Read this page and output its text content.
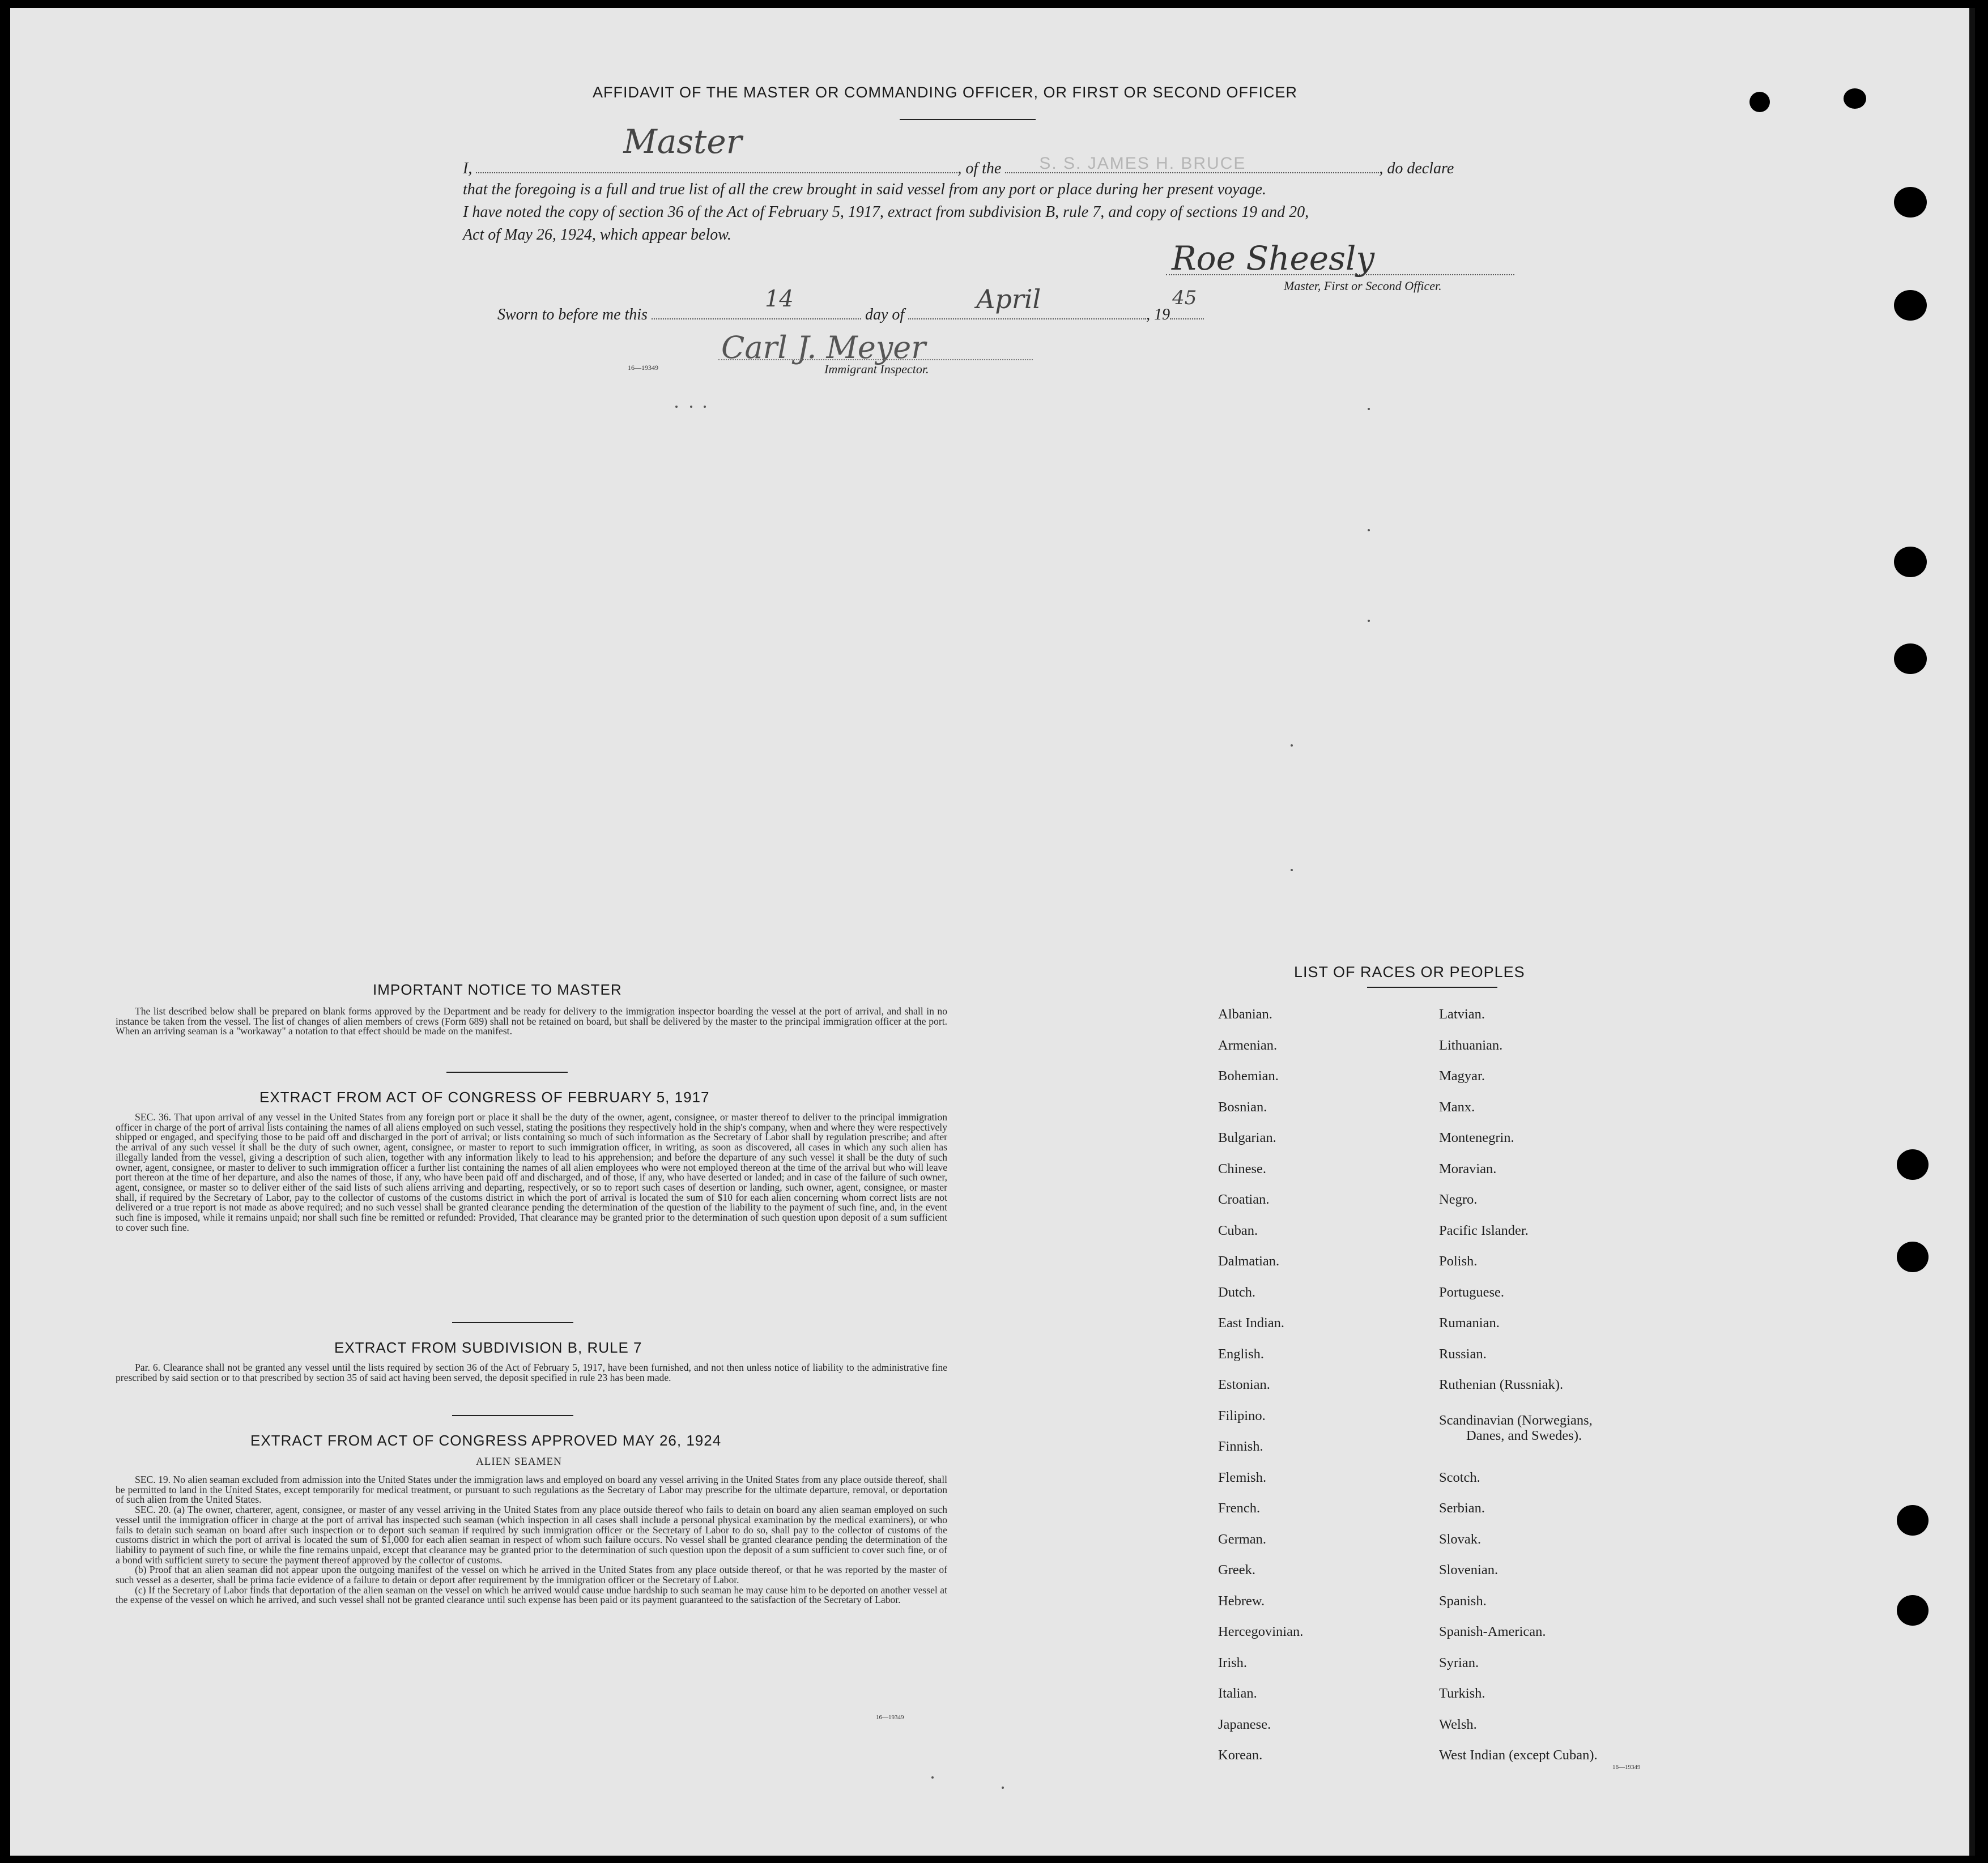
AFFIDAVIT OF THE MASTER OR COMMANDING OFFICER, OR FIRST OR SECOND OFFICER
I,
Master
, of the S. S. JAMES H. BRUCE	, do declare
that the foregoing is a full and true list of all the crew brought in said vessel from any port or place during her present voyage.
I have noted the copy of section 36 of the Act of February 5, 1917, extract from subdivision B, rule 7, and copy of sections 19 and 20,
Act of May 26, 1924, which appear below.
Roe Sheesly
Master, First or Second Officer.
Sworn to before me this
14
day of
April
, 19
45
Carl J. Meyer
16—19349	Immigrant Inspector.
IMPORTANT NOTICE TO MASTER

The list described below shall be prepared on blank forms approved by the Department and be ready for delivery to the immigration inspector boarding the vessel at the port of arrival, and shall in no instance be taken from the vessel. The list of changes of alien members of crews (Form 689) shall not be retained on board, but shall be delivered by the master to the principal immigration officer at the port. When an arriving seaman is a "workaway" a notation to that effect should be made on the manifest.

EXTRACT FROM ACT OF CONGRESS OF FEBRUARY 5, 1917

SEC. 36. That upon arrival of any vessel in the United States from any foreign port or place it shall be the duty of the owner, agent, consignee, or master thereof to deliver to the principal immigration officer in charge of the port of arrival lists containing the names of all aliens employed on such vessel, stating the positions they respectively hold in the ship's company, when and where they were respectively shipped or engaged, and specifying those to be paid off and discharged in the port of arrival; or lists containing so much of such information as the Secretary of Labor shall by regulation prescribe; and after the arrival of any such vessel it shall be the duty of such owner, agent, consignee, or master to report to such immigration officer, in writing, as soon as discovered, all cases in which any such alien has illegally landed from the vessel, giving a description of such alien, together with any information likely to lead to his apprehension; and before the departure of any such vessel it shall be the duty of such owner, agent, consignee, or master to deliver to such immigration officer a further list containing the names of all alien employees who were not employed thereon at the time of the arrival but who will leave port thereon at the time of her departure, and also the names of those, if any, who have been paid off and discharged, and of those, if any, who have deserted or landed; and in case of the failure of such owner, agent, consignee, or master so to deliver either of the said lists of such aliens arriving and departing, respectively, or so to report such cases of desertion or landing, such owner, agent, consignee, or master shall, if required by the Secretary of Labor, pay to the collector of customs of the customs district in which the port of arrival is located the sum of $10 for each alien concerning whom correct lists are not delivered or a true report is not made as above required; and no such vessel shall be granted clearance pending the determination of the question of the liability to the payment of such fine, and, in the event such fine is imposed, while it remains unpaid; nor shall such fine be remitted or refunded: Provided, That clearance may be granted prior to the determination of such question upon deposit of a sum sufficient to cover such fine.

EXTRACT FROM SUBDIVISION B, RULE 7

Par. 6. Clearance shall not be granted any vessel until the lists required by section 36 of the Act of February 5, 1917, have been furnished, and not then unless notice of liability to the administrative fine prescribed by said section or to that prescribed by section 35 of said act having been served, the deposit specified in rule 23 has been made.

EXTRACT FROM ACT OF CONGRESS APPROVED MAY 26, 1924
ALIEN SEAMEN

SEC. 19. No alien seaman excluded from admission into the United States under the immigration laws and employed on board any vessel arriving in the United States from any place outside thereof, shall be permitted to land in the United States, except temporarily for medical treatment, or pursuant to such regulations as the Secretary of Labor may prescribe for the ultimate departure, removal, or deportation of such alien from the United States.

SEC. 20. (a) The owner, charterer, agent, consignee, or master of any vessel arriving in the United States from any place outside thereof who fails to detain on board any alien seaman employed on such vessel until the immigration officer in charge at the port of arrival has inspected such seaman (which inspection in all cases shall include a personal physical examination by the medical examiners), or who fails to detain such seaman on board after such inspection or to deport such seaman if required by such immigration officer or the Secretary of Labor to do so, shall pay to the collector of customs of the customs district in which the port of arrival is located the sum of $1,000 for each alien seaman in respect of whom such failure occurs. No vessel shall be granted clearance pending the determination of the liability to payment of such fine, or while the fine remains unpaid, except that clearance may be granted prior to the determination of such question upon the deposit of a sum sufficient to cover such fine, or of a bond with sufficient surety to secure the payment thereof approved by the collector of customs.

(b) Proof that an alien seaman did not appear upon the outgoing manifest of the vessel on which he arrived in the United States from any place outside thereof, or that he was reported by the master of such vessel as a deserter, shall be prima facie evidence of a failure to detain or deport after requirement by the immigration officer or the Secretary of Labor.

(c) If the Secretary of Labor finds that deportation of the alien seaman on the vessel on which he arrived would cause undue hardship to such seaman he may cause him to be deported on another vessel at the expense of the vessel on which he arrived, and such vessel shall not be granted clearance until such expense has been paid or its payment guaranteed to the satisfaction of the Secretary of Labor.

16—19349
LIST OF RACES OR PEOPLES
Albanian.
Armenian.
Bohemian.
Bosnian.
Bulgarian.
Chinese.
Croatian.
Cuban.
Dalmatian.
Dutch.
East Indian.
English.
Estonian.
Filipino.
Finnish.
Flemish.
French.
German.
Greek.
Hebrew.
Hercegovinian.
Irish.
Italian.
Japanese.
Korean.
Latvian.
Lithuanian.
Magyar.
Manx.
Montenegrin.
Moravian.
Negro.
Pacific Islander.
Polish.
Portuguese.
Rumanian.
Russian.
Ruthenian (Russniak).
Scandinavian (Norwegians,
Danes, and Swedes).
Scotch.
Serbian.
Slovak.
Slovenian.
Spanish.
Spanish-American.
Syrian.
Turkish.
Welsh.
West Indian (except Cuban).
16—19349
